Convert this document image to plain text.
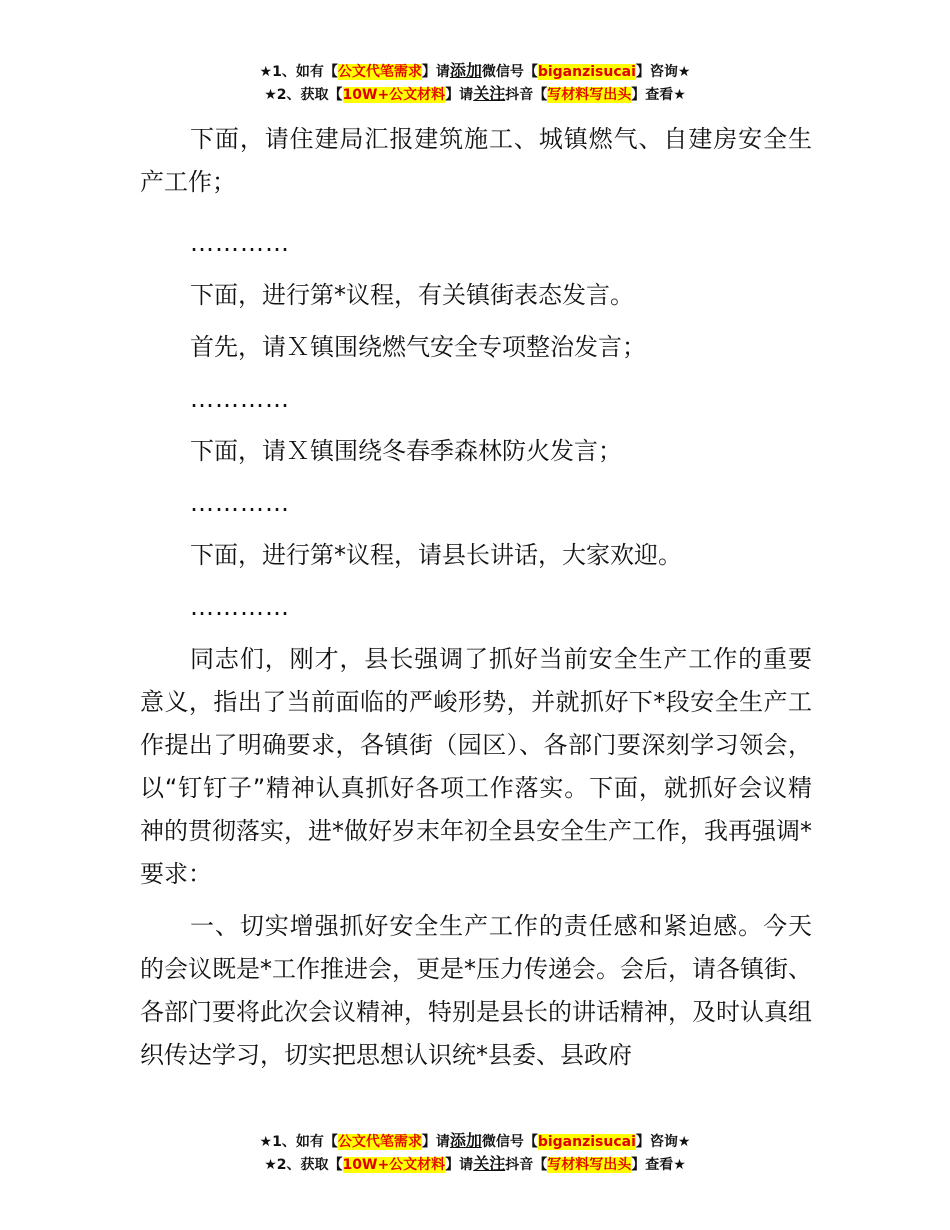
★1、如有【公文代笔需求】请添加微信号【biganzisucai】咨询★
★2、获取【10W+公文材料】请关注抖音【写材料写出头】查看★

下面，请住建局汇报建筑施工、城镇燃气、自建房安全生产工作；

…………

下面，进行第*议程，有关镇街表态发言。

首先，请Ｘ镇围绕燃气安全专项整治发言；

…………

下面，请Ｘ镇围绕冬春季森林防火发言；

…………

下面，进行第*议程，请县长讲话，大家欢迎。

…………

同志们，刚才，县长强调了抓好当前安全生产工作的重要意义，指出了当前面临的严峻形势，并就抓好下*段安全生产工作提出了明确要求，各镇街（园区）、各部门要深刻学习领会，以“钉钉子”精神认真抓好各项工作落实。下面，就抓好会议精神的贯彻落实，进*做好岁末年初全县安全生产工作，我再强调*要求：

一、切实增强抓好安全生产工作的责任感和紧迫感。今天的会议既是*工作推进会，更是*压力传递会。会后，请各镇街、各部门要将此次会议精神，特别是县长的讲话精神，及时认真组织传达学习，切实把思想认识统*县委、县政府

★1、如有【公文代笔需求】请添加微信号【biganzisucai】咨询★
★2、获取【10W+公文材料】请关注抖音【写材料写出头】查看★
